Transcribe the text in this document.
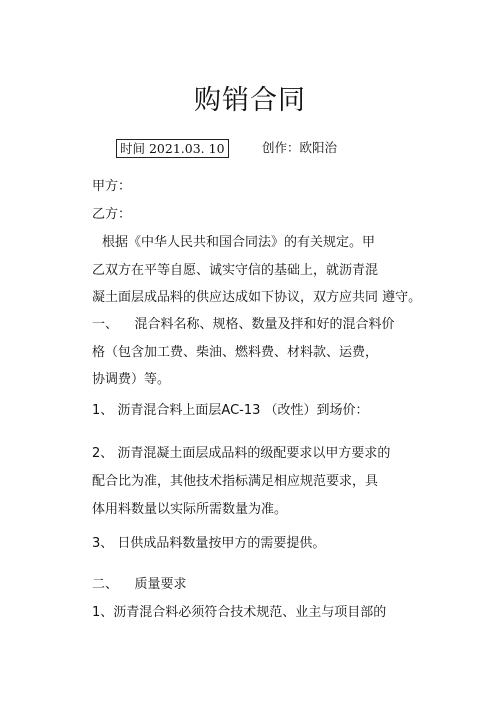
购销合同
时间 2021.03. 10	创作：欧阳治
甲方：
乙方：
根据《中华人民共和国合同法》的有关规定。甲
乙双方在平等自愿、诚实守信的基础上，就沥青混
凝土面层成品料的供应达成如下协议，双方应共同 遵守。
一、    混合料名称、规格、数量及拌和好的混合料价
格（包含加工费、柴油、燃料费、材料款、运费，
协调费）等。
1、 沥青混合料上面层AC-13 （改性）到场价：
2、 沥青混凝土面层成品料的级配要求以甲方要求的
配合比为准，其他技术指标满足相应规范要求，具
体用料数量以实际所需数量为准。
3、 日供成品料数量按甲方的需要提供。
二、    质量要求
1、沥青混合料必须符合技术规范、业主与项目部的
